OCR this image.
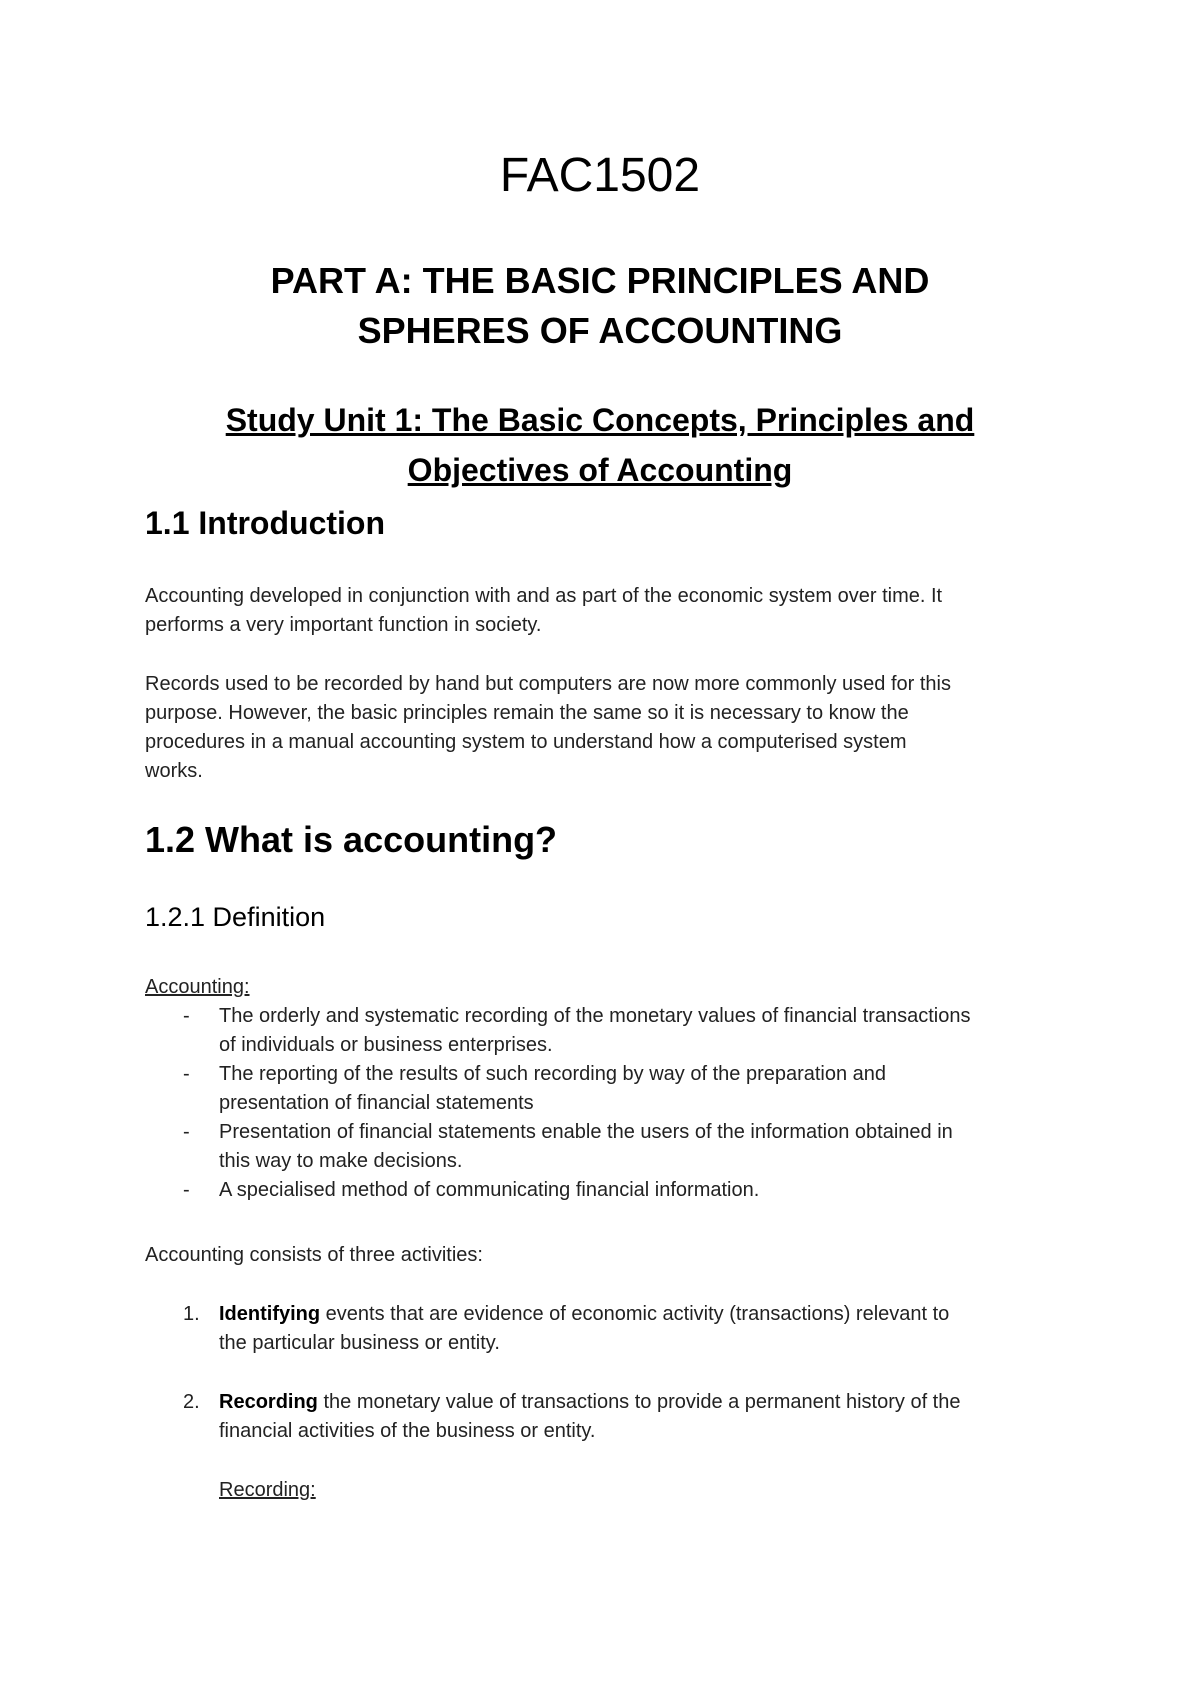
FAC1502
PART A: THE BASIC PRINCIPLES AND
SPHERES OF ACCOUNTING
Study Unit 1: The Basic Concepts, Principles and
Objectives of Accounting
1.1 Introduction

Accounting developed in conjunction with and as part of the economic system over time. It
performs a very important function in society.

Records used to be recorded by hand but computers are now more commonly used for this
purpose. However, the basic principles remain the same so it is necessary to know the
procedures in a manual accounting system to understand how a computerised system
works.

1.2 What is accounting?
1.2.1 Definition
Accounting:
- The orderly and systematic recording of the monetary values of financial transactions
of individuals or business enterprises.
- The reporting of the results of such recording by way of the preparation and
presentation of financial statements
- Presentation of financial statements enable the users of the information obtained in
this way to make decisions.
- A specialised method of communicating financial information.

Accounting consists of three activities:

1. Identifying events that are evidence of economic activity (transactions) relevant to
the particular business or entity.
2. Recording the monetary value of transactions to provide a permanent history of the
financial activities of the business or entity.
Recording:
